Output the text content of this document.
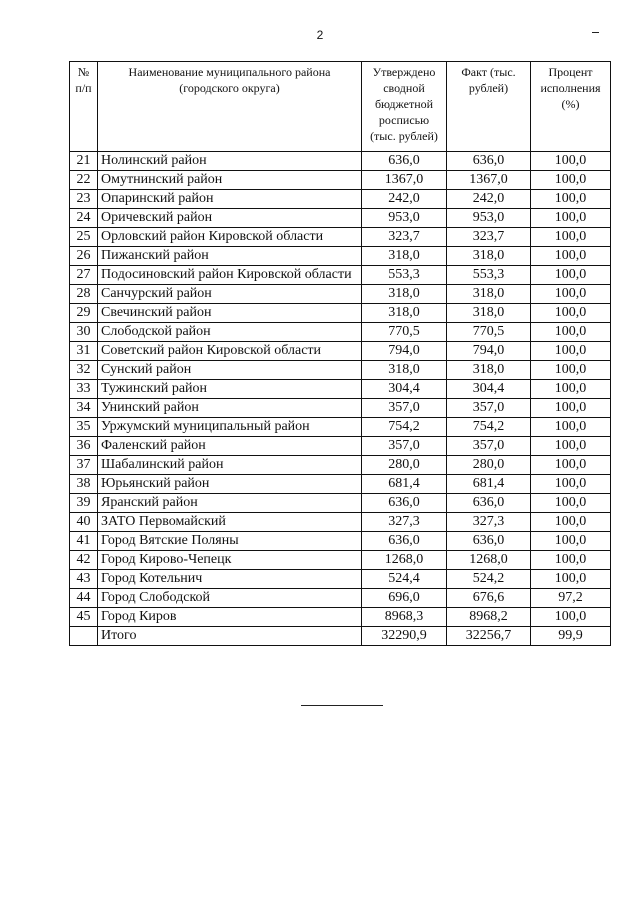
2
№ п/п	Наименование муниципального района (городского округа)	Утверждено сводной бюджетной росписью (тыс. рублей)	Факт (тыс. рублей)	Процент исполнения (%)
21	Нолинский район	636,0	636,0	100,0
22	Омутнинский район	1367,0	1367,0	100,0
23	Опаринский район	242,0	242,0	100,0
24	Оричевский район	953,0	953,0	100,0
25	Орловский район Кировской области	323,7	323,7	100,0
26	Пижанский район	318,0	318,0	100,0
27	Подосиновский район Кировской области	553,3	553,3	100,0
28	Санчурский район	318,0	318,0	100,0
29	Свечинский район	318,0	318,0	100,0
30	Слободской район	770,5	770,5	100,0
31	Советский район Кировской области	794,0	794,0	100,0
32	Сунский район	318,0	318,0	100,0
33	Тужинский район	304,4	304,4	100,0
34	Унинский район	357,0	357,0	100,0
35	Уржумский муниципальный район	754,2	754,2	100,0
36	Фаленский район	357,0	357,0	100,0
37	Шабалинский район	280,0	280,0	100,0
38	Юрьянский район	681,4	681,4	100,0
39	Яранский район	636,0	636,0	100,0
40	ЗАТО Первомайский	327,3	327,3	100,0
41	Город Вятские Поляны	636,0	636,0	100,0
42	Город Кирово-Чепецк	1268,0	1268,0	100,0
43	Город Котельнич	524,4	524,2	100,0
44	Город Слободской	696,0	676,6	97,2
45	Город Киров	8968,3	8968,2	100,0
	Итого	32290,9	32256,7	99,9
